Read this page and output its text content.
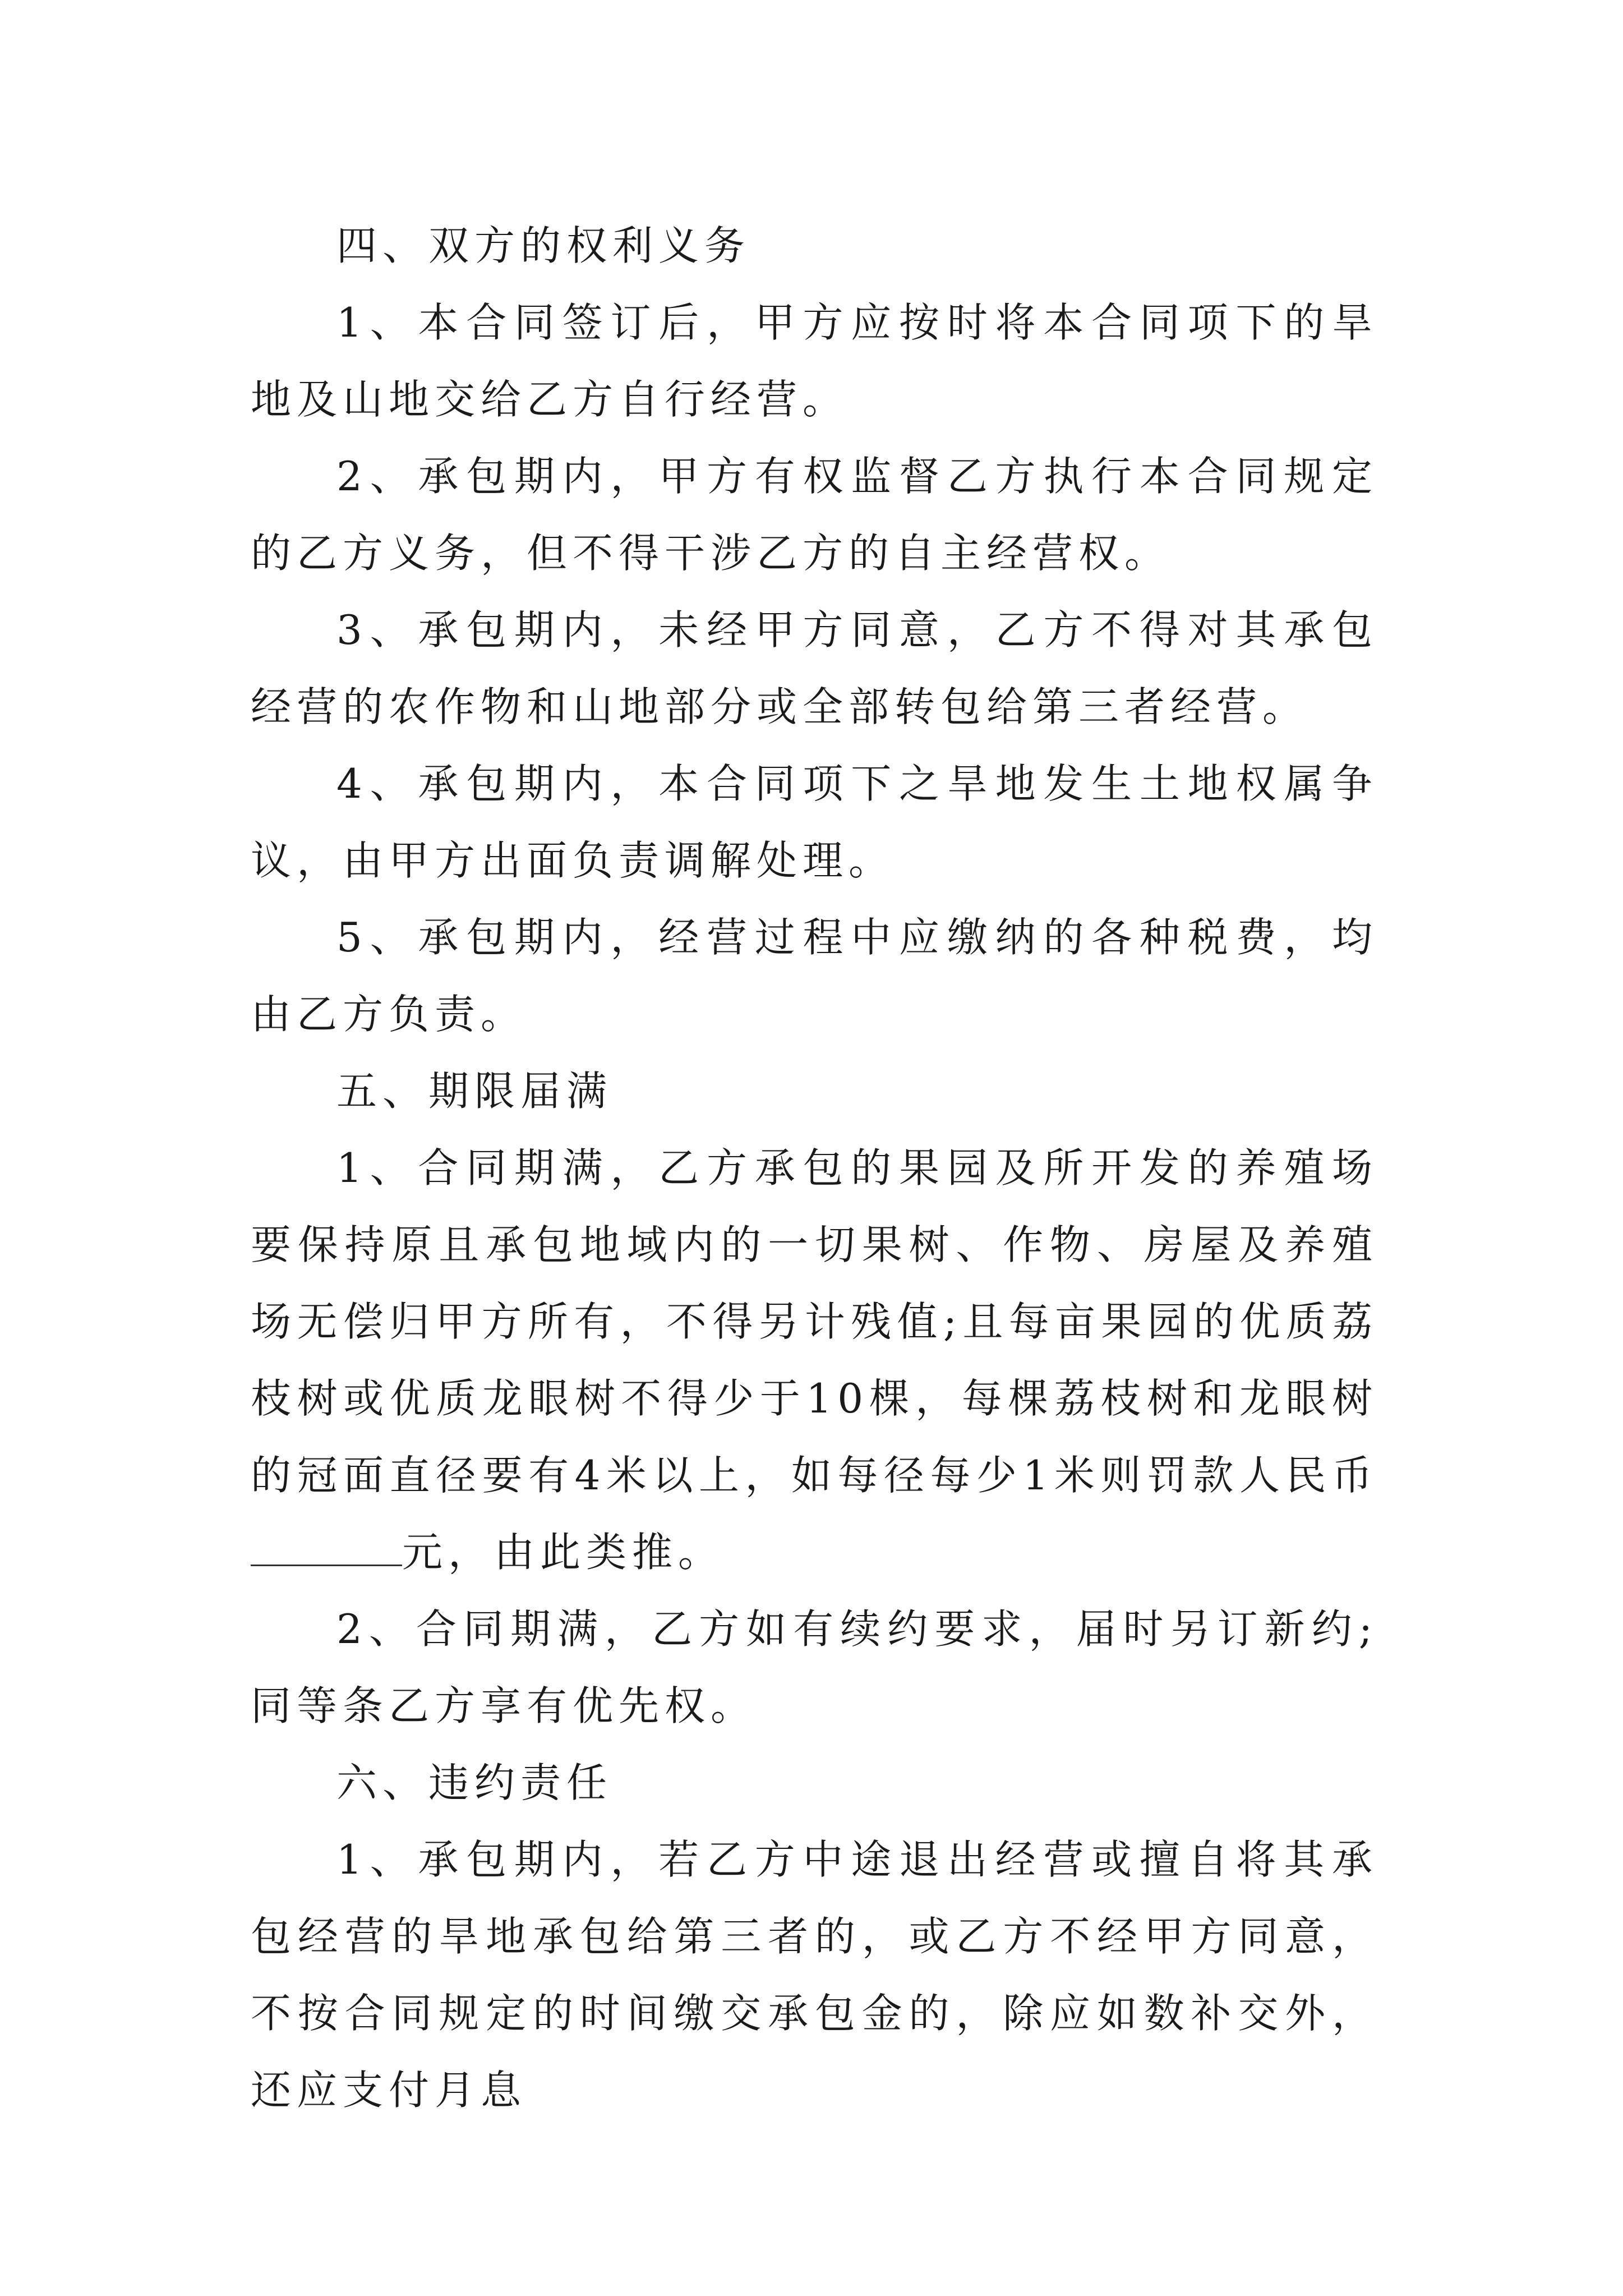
四、双方的权利义务

1、本合同签订后，甲方应按时将本合同项下的旱地及山地交给乙方自行经营。

2、承包期内，甲方有权监督乙方执行本合同规定的乙方义务，但不得干涉乙方的自主经营权。

3、承包期内，未经甲方同意，乙方不得对其承包经营的农作物和山地部分或全部转包给第三者经营。

4、承包期内，本合同项下之旱地发生土地权属争议，由甲方出面负责调解处理。

5、承包期内，经营过程中应缴纳的各种税费，均由乙方负责。

五、期限届满

1、合同期满，乙方承包的果园及所开发的养殖场要保持原且承包地域内的一切果树、作物、房屋及养殖场无偿归甲方所有，不得另计残值;且每亩果园的优质荔枝树或优质龙眼树不得少于10棵，每棵荔枝树和龙眼树的冠面直径要有4米以上，如每径每少1米则罚款人民币元，由此类推。

2、合同期满，乙方如有续约要求，届时另订新约;同等条乙方享有优先权。

六、违约责任

1、承包期内，若乙方中途退出经营或擅自将其承包经营的旱地承包给第三者的，或乙方不经甲方同意，不按合同规定的时间缴交承包金的，除应如数补交外，还应支付月息
